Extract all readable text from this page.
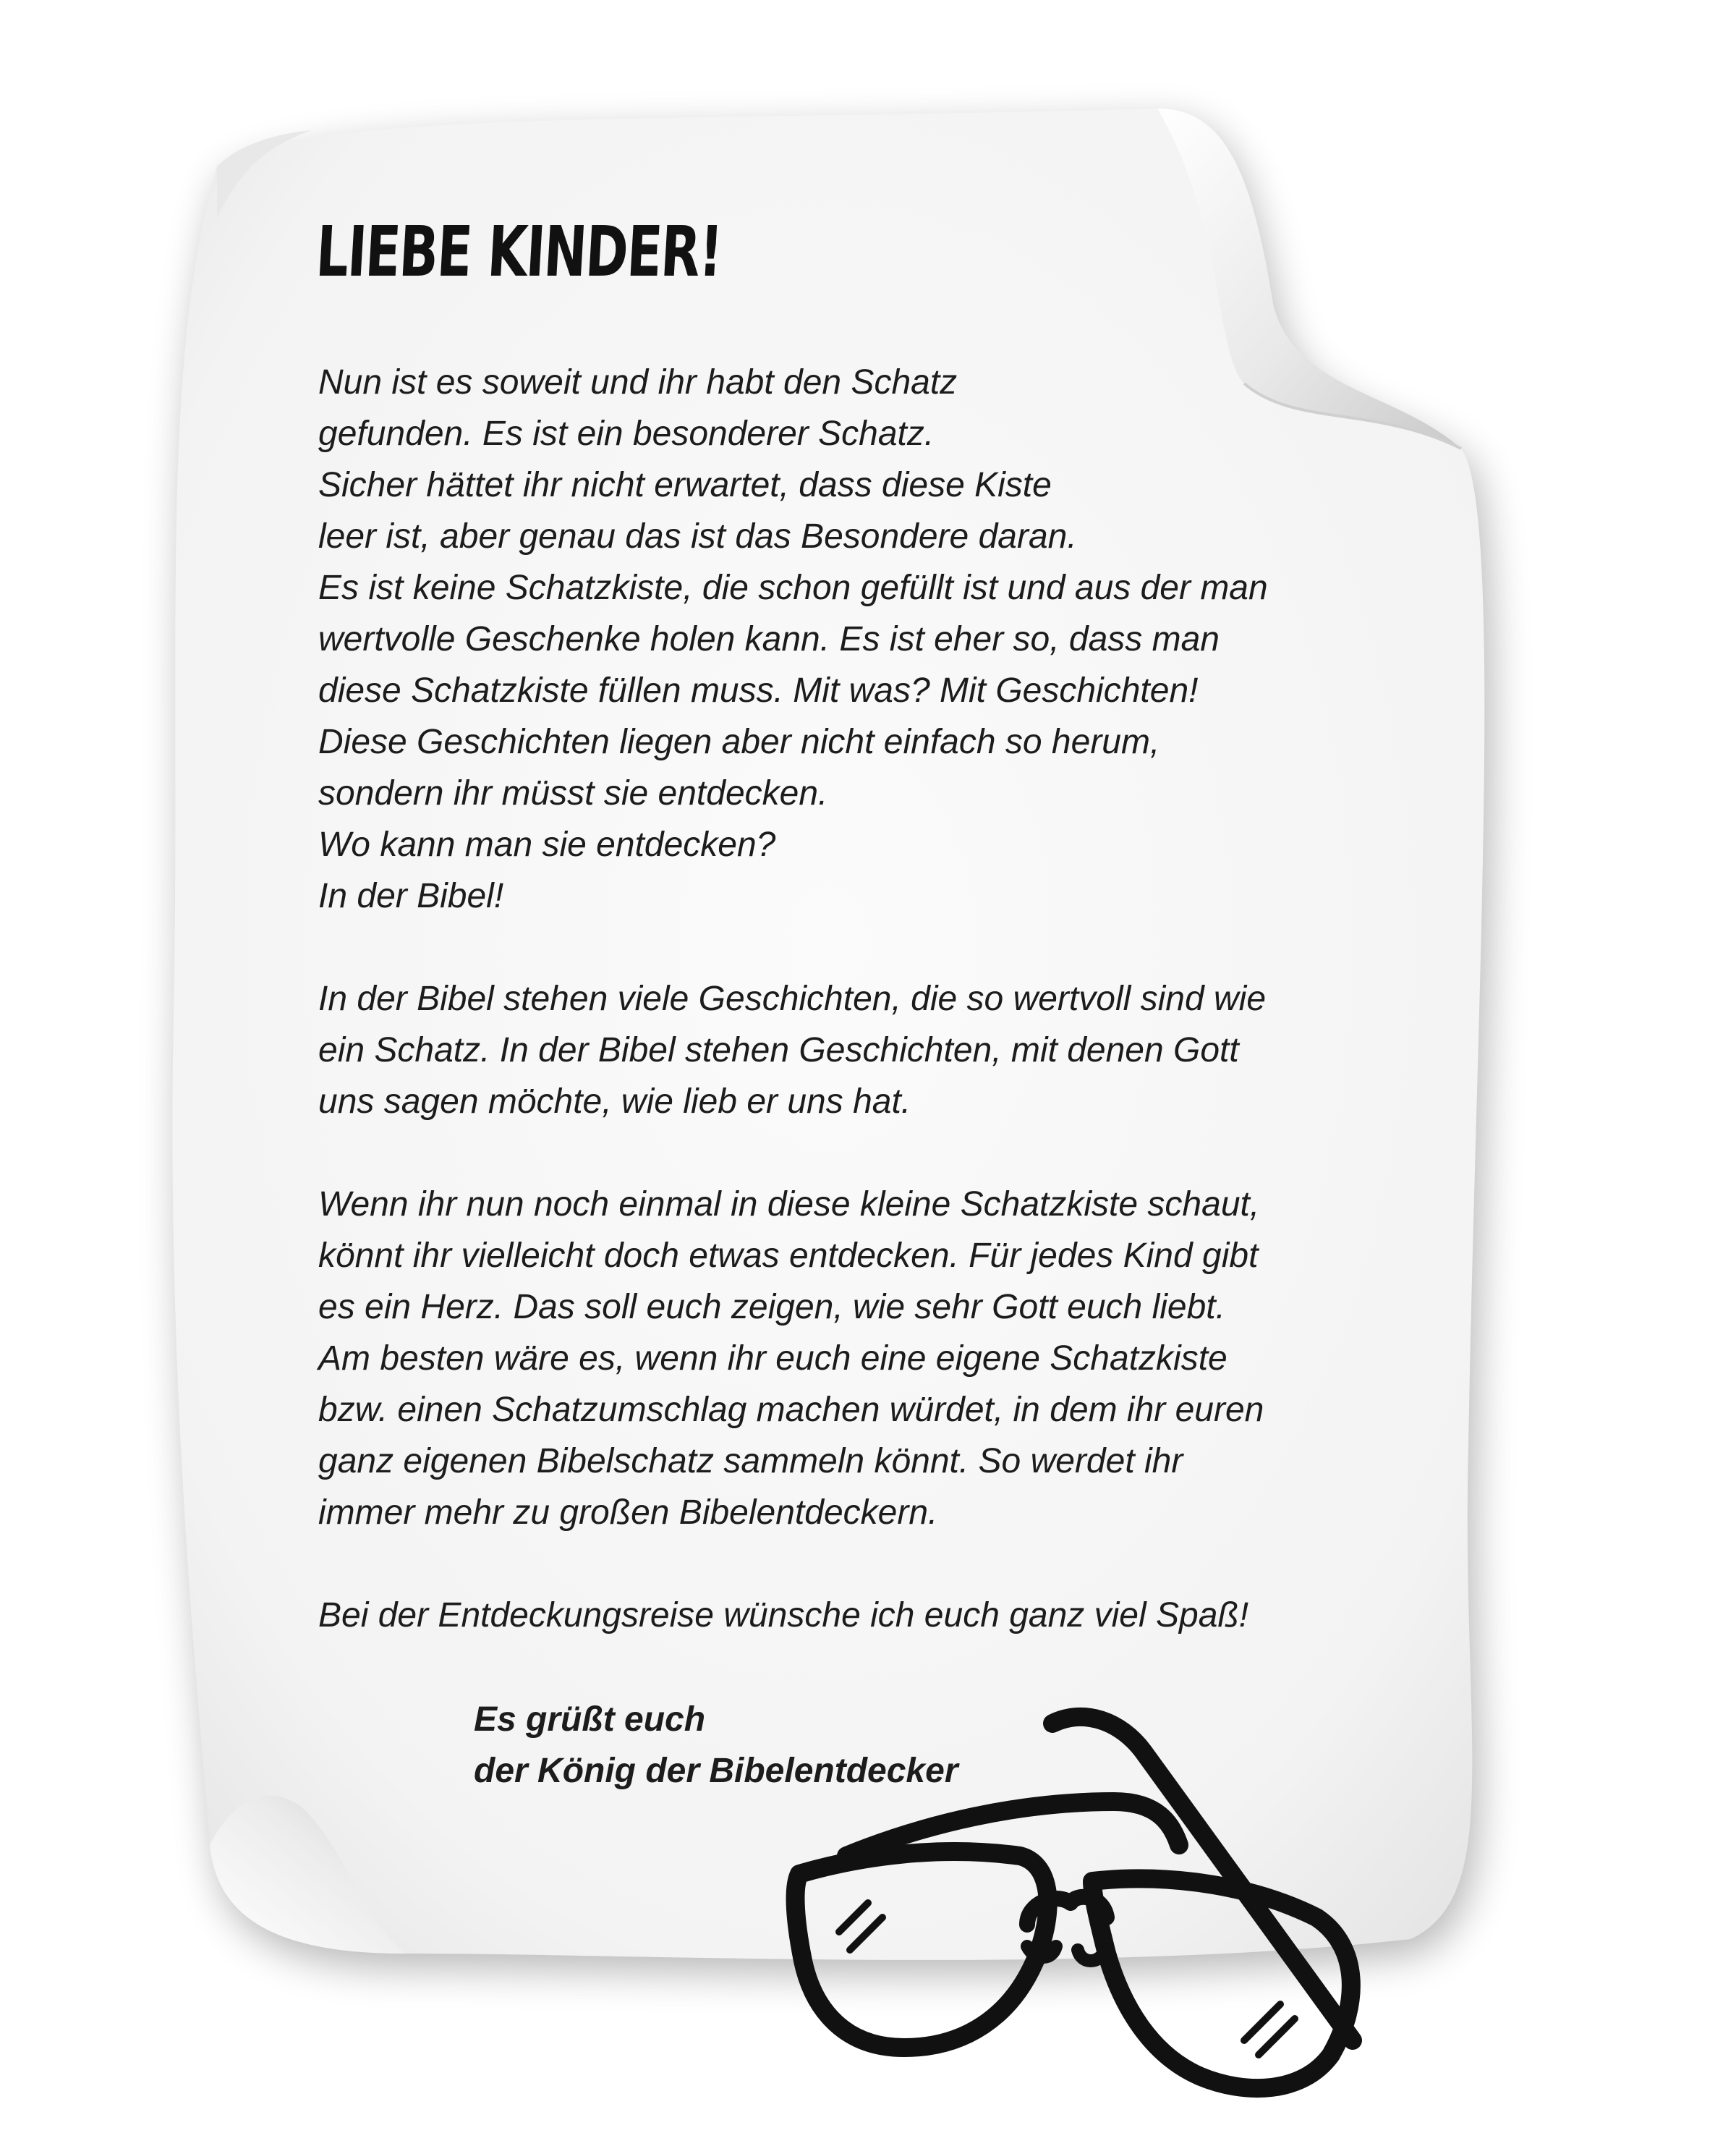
LIEBE KINDER!
Nun ist es soweit und ihr habt den Schatz
gefunden. Es ist ein besonderer Schatz.
Sicher hättet ihr nicht erwartet, dass diese Kiste
leer ist, aber genau das ist das Besondere daran.
Es ist keine Schatzkiste, die schon gefüllt ist und aus der man
wertvolle Geschenke holen kann. Es ist eher so, dass man
diese Schatzkiste füllen muss. Mit was? Mit Geschichten!
Diese Geschichten liegen aber nicht einfach so herum,
sondern ihr müsst sie entdecken.
Wo kann man sie entdecken?
In der Bibel!
In der Bibel stehen viele Geschichten, die so wertvoll sind wie
ein Schatz. In der Bibel stehen Geschichten, mit denen Gott
uns sagen möchte, wie lieb er uns hat.
Wenn ihr nun noch einmal in diese kleine Schatzkiste schaut,
könnt ihr vielleicht doch etwas entdecken. Für jedes Kind gibt
es ein Herz. Das soll euch zeigen, wie sehr Gott euch liebt.
Am besten wäre es, wenn ihr euch eine eigene Schatzkiste
bzw. einen Schatzumschlag machen würdet, in dem ihr euren
ganz eigenen Bibelschatz sammeln könnt. So werdet ihr
immer mehr zu großen Bibelentdeckern.
Bei der Entdeckungsreise wünsche ich euch ganz viel Spaß!
Es grüßt euch
der König der Bibelentdecker
